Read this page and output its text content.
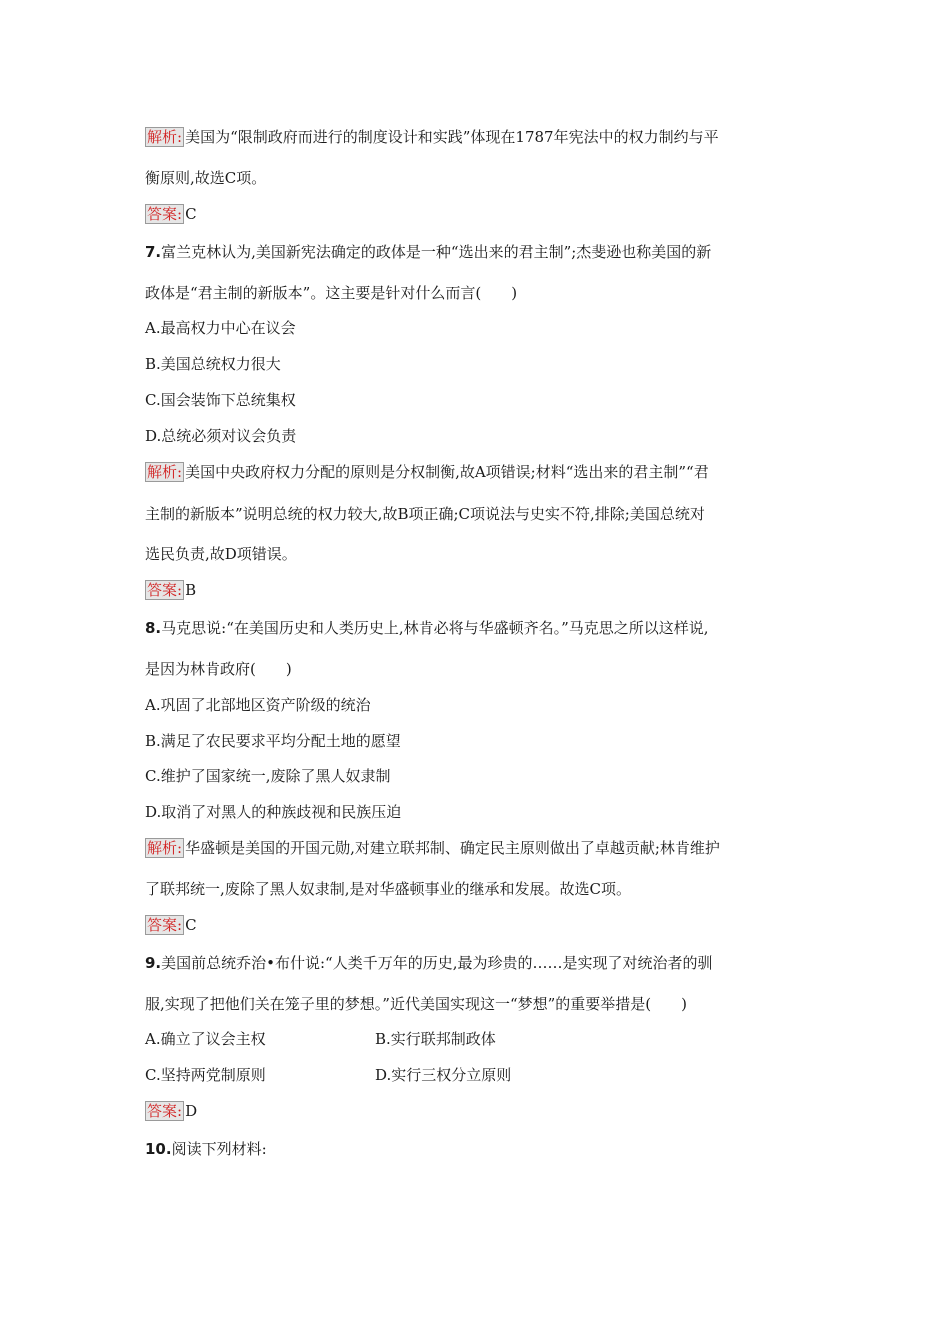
解析: 美国为“限制政府而进行的制度设计和实践”体现在1787年宪法中的权力制约与平
衡原则,故选C项。
答案: C
7.富兰克林认为,美国新宪法确定的政体是一种“选出来的君主制”;杰斐逊也称美国的新
政体是“君主制的新版本”。这主要是针对什么而言(　　)
A.最高权力中心在议会
B.美国总统权力很大
C.国会装饰下总统集权
D.总统必须对议会负责
解析: 美国中央政府权力分配的原则是分权制衡,故A项错误;材料“选出来的君主制”“君
主制的新版本”说明总统的权力较大,故B项正确;C项说法与史实不符,排除;美国总统对
选民负责,故D项错误。
答案: B
8.马克思说:“在美国历史和人类历史上,林肯必将与华盛顿齐名。”马克思之所以这样说,
是因为林肯政府(　　)
A.巩固了北部地区资产阶级的统治
B.满足了农民要求平均分配土地的愿望
C.维护了国家统一,废除了黑人奴隶制
D.取消了对黑人的种族歧视和民族压迫
解析: 华盛顿是美国的开国元勋,对建立联邦制、确定民主原则做出了卓越贡献;林肯维护
了联邦统一,废除了黑人奴隶制,是对华盛顿事业的继承和发展。故选C项。
答案: C
9.美国前总统乔治•布什说:“人类千万年的历史,最为珍贵的……是实现了对统治者的驯
服,实现了把他们关在笼子里的梦想。”近代美国实现这一“梦想”的重要举措是(　　)
A.确立了议会主权	B.实行联邦制政体
C.坚持两党制原则	D.实行三权分立原则
答案: D
10.阅读下列材料:
